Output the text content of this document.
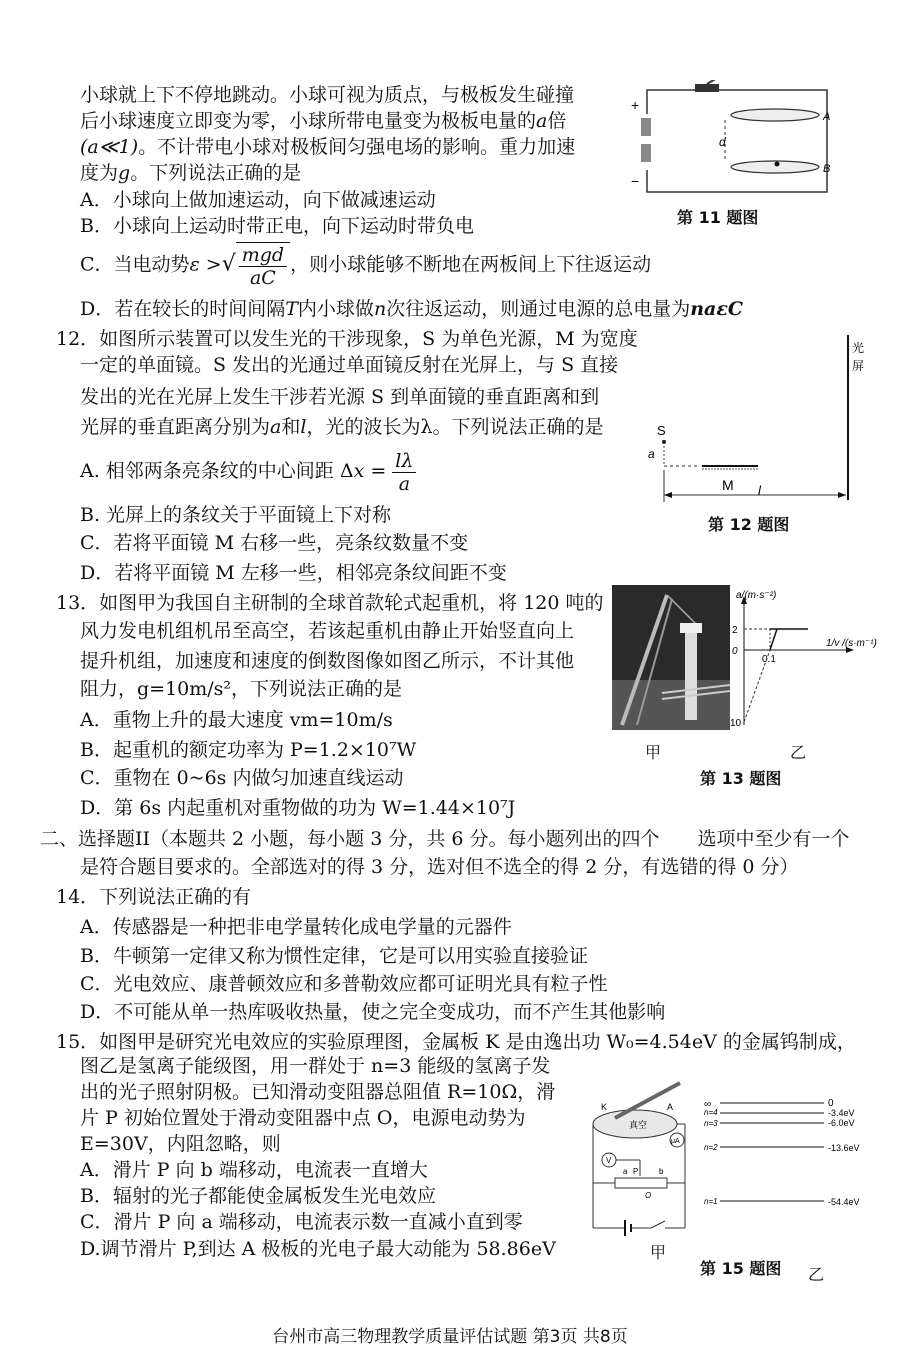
小球就上下不停地跳动。小球可视为质点，与极板发生碰撞
后小球速度立即变为零，小球所带电量变为极板电量的a倍
(a≪1)。不计带电小球对极板间匀强电场的影响。重力加速
度为g。下列说法正确的是
A．小球向上做加速运动，向下做减速运动
B．小球向上运动时带正电，向下运动时带负电
C．当电动势ε >√ $\frac{\text{mgd}}{aC}$ ，则小球能够不断地在两板间上下往返运动
D．若在较长的时间间隔T内小球做n次往返运动，则通过电源的总电量为naεC
+
−
d
A
B
第 11 题图
12．如图所示装置可以发生光的干涉现象，S 为单色光源，M 为宽度
一定的单面镜。S 发出的光通过单面镜反射在光屏上，与 S 直接
发出的光在光屏上发生干涉若光源 S 到单面镜的垂直距离和到
光屏的垂直距离分别为a和l，光的波长为λ。下列说法正确的是
A. 相邻两条亮条纹的中心间距 $\Delta x = \frac{l\lambda}{a}$
B. 光屏上的条纹关于平面镜上下对称
C．若将平面镜 M 右移一些，亮条纹数量不变
D．若将平面镜 M 左移一些，相邻亮条纹间距不变
光
屏
S
a
M l
第 12 题图
13．如图甲为我国自主研制的全球首款轮式起重机，将 120 吨的
风力发电机组机吊至高空，若该起重机由静止开始竖直向上
提升机组，加速度和速度的倒数图像如图乙所示，不计其他
阻力，g=10m/s²，下列说法正确的是
A．重物上升的最大速度 vm=10m/s
B．起重机的额定功率为 P=1.2×10⁷W
C．重物在 0~6s 内做匀加速直线运动
D．第 6s 内起重机对重物做的功为 W=1.44×10⁷J
a/(m·s⁻²)
1/v /(s·m⁻¹)
2
0
10
0.1
甲	乙
第 13 题图
二、选择题II（本题共 2 小题，每小题 3 分，共 6 分。每小题列出的四个　　选项中至少有一个
是符合题目要求的。全部选对的得 3 分，选对但不选全的得 2 分，有选错的得 0 分）
14．下列说法正确的有
A．传感器是一种把非电学量转化成电学量的元器件
B．牛顿第一定律又称为惯性定律，它是可以用实验直接验证
C．光电效应、康普顿效应和多普勒效应都可证明光具有粒子性
D．不可能从单一热库吸收热量，使之完全变成功，而不产生其他影响
15．如图甲是研究光电效应的实验原理图，金属板 K 是由逸出功 W₀=4.54eV 的金属钨制成，
图乙是氢离子能级图，用一群处于 n=3 能级的氢离子发
出的光子照射阴极。已知滑动变阻器总阻值 R=10Ω，滑
片 P 初始位置处于滑动变阻器中点 O，电源电动势为
E=30V，内阻忽略，则
A．滑片 P 向 b 端移动，电流表一直增大
B．辐射的光子都能使金属板发生光电效应
C．滑片 P 向 a 端移动，电流表示数一直减小直到零
D.调节滑片 P,到达 A 极板的光电子最大动能为 58.86eV
K	A
真空
μA
V
a P	b
O
∞	0
n=4	-3.4eV
n=3	-6.0eV
n=2	-13.6eV
n=1	-54.4eV
甲
乙
第 15 题图
台州市高三物理教学质量评估试题 第3页 共8页
